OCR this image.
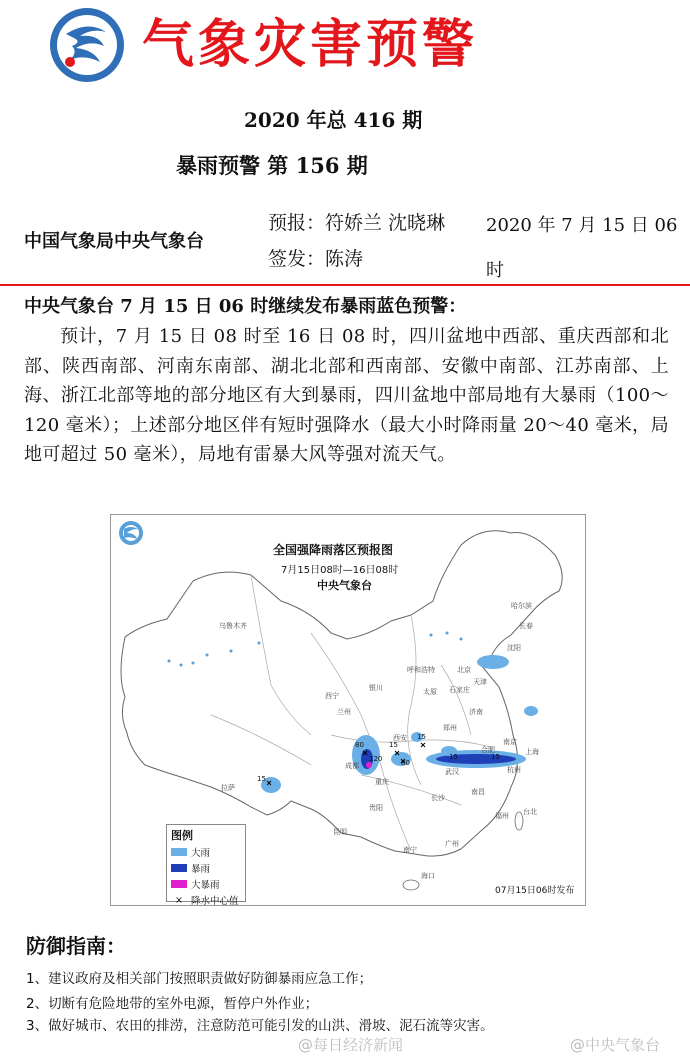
气象灾害预警
2020 年总 416 期
暴雨预警 第 156 期
中国气象局中央气象台
预报：符娇兰 沈晓琳
签发：陈涛
2020 年 7 月 15 日 06 时
中央气象台 7 月 15 日 06 时继续发布暴雨蓝色预警：
预计，7 月 15 日 08 时至 16 日 08 时，四川盆地中西部、重庆西部和北部、陕西南部、河南东南部、湖北北部和西南部、安徽中南部、江苏南部、上海、浙江北部等地的部分地区有大到暴雨，四川盆地中部局地有大暴雨（100～120 毫米）；上述部分地区伴有短时强降水（最大小时降雨量 20～40 毫米，局地可超过 50 毫米），局地有雷暴大风等强对流天气。
全国强降雨落区预报图
7月15日08时—16日08时
中央气象台
07月15日06时发布
乌鲁木齐
拉萨
西宁
兰州
银川
呼和浩特	北京
天津
太原 石家庄
济南
郑州
西安
成都
重庆
武汉
合肥
南京
上海
杭州
哈尔滨
长春
沈阳
贵阳
昆明
长沙
南昌
福州 台北
广州
南宁
海口
15
80
120
15
80
15
15	15
图例
大雨
暴雨
大暴雨
× 降水中心值
防御指南：
1、建议政府及相关部门按照职责做好防御暴雨应急工作；
2、切断有危险地带的室外电源，暂停户外作业；
3、做好城市、农田的排涝，注意防范可能引发的山洪、滑坡、泥石流等灾害。
@每日经济新闻	@中央气象台
